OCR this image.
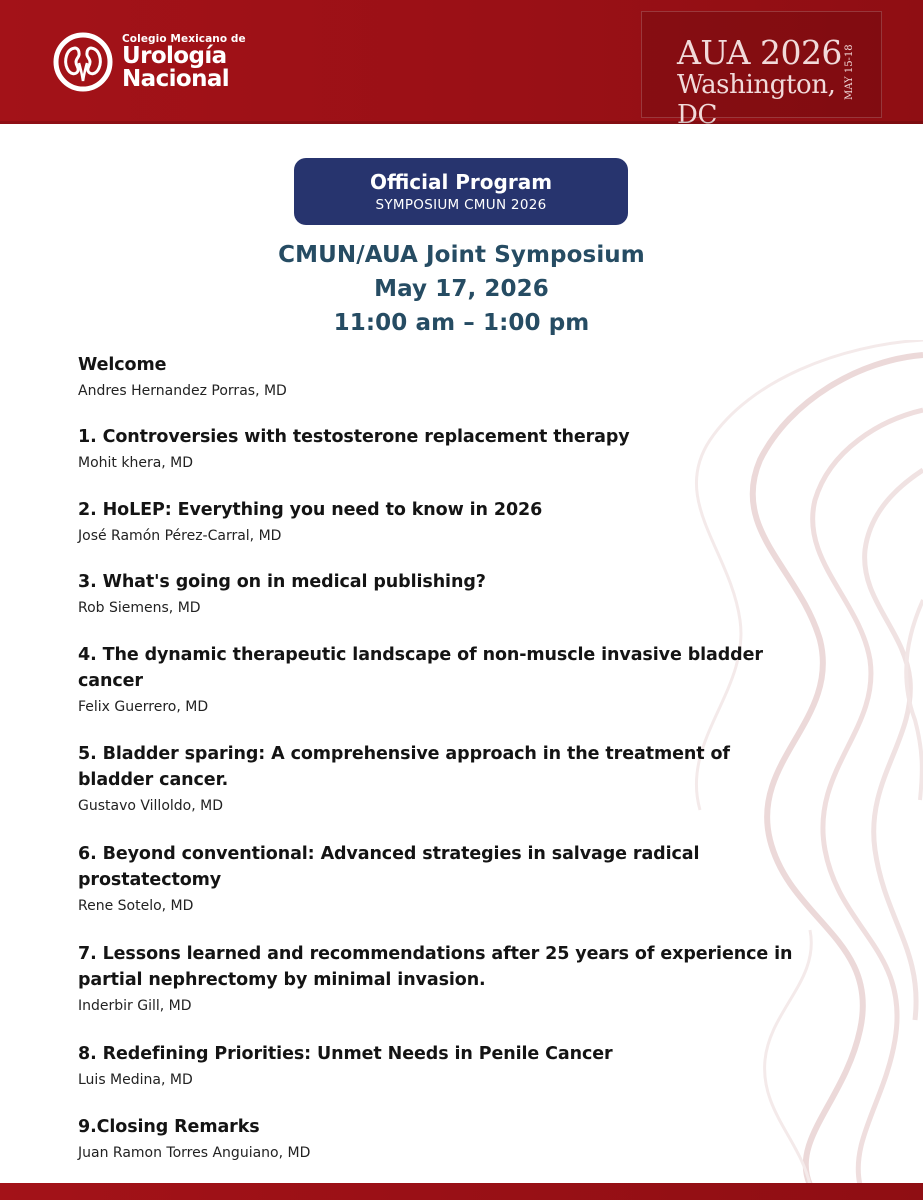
Colegio Mexicano de
Urología
Nacional
AUA 2026
Washington, DC
MAY 15-18
Official Program
SYMPOSIUM CMUN 2026
CMUN/AUA Joint Symposium
May 17, 2026
11:00 am – 1:00 pm
Welcome
Andres Hernandez Porras, MD
1. Controversies with testosterone replacement therapy
Mohit khera, MD
2. HoLEP: Everything you need to know in 2026
José Ramón Pérez-Carral, MD
3. What's going on in medical publishing?
Rob Siemens, MD
4. The dynamic therapeutic landscape of non-muscle invasive bladder cancer
Felix Guerrero, MD
5. Bladder sparing: A comprehensive approach in the treatment of bladder cancer.
Gustavo Villoldo, MD
6. Beyond conventional: Advanced strategies in salvage radical prostatectomy
Rene Sotelo, MD
7. Lessons learned and recommendations after 25 years of experience in partial nephrectomy by minimal invasion.
Inderbir Gill, MD
8. Redefining Priorities: Unmet Needs in Penile Cancer
Luis Medina, MD
9.Closing Remarks
Juan Ramon Torres Anguiano, MD
